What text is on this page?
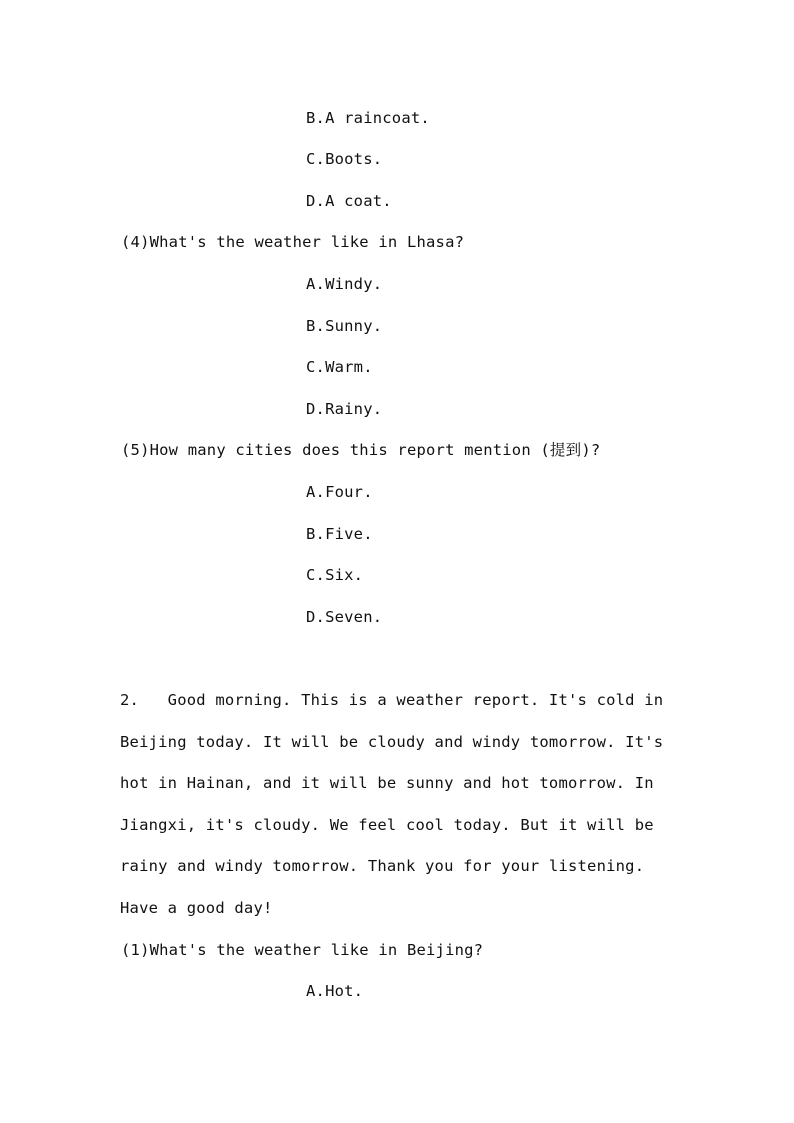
B.A raincoat.
C.Boots.
D.A coat.
(4)What's the weather like in Lhasa?
A.Windy.
B.Sunny.
C.Warm.
D.Rainy.
(5)How many cities does this report mention (提到)?
A.Four.
B.Five.
C.Six.
D.Seven.
2.   Good morning. This is a weather report. It's cold in
Beijing today. It will be cloudy and windy tomorrow. It's
hot in Hainan, and it will be sunny and hot tomorrow. In
Jiangxi, it's cloudy. We feel cool today. But it will be
rainy and windy tomorrow. Thank you for your listening.
Have a good day!
(1)What's the weather like in Beijing?
A.Hot.
